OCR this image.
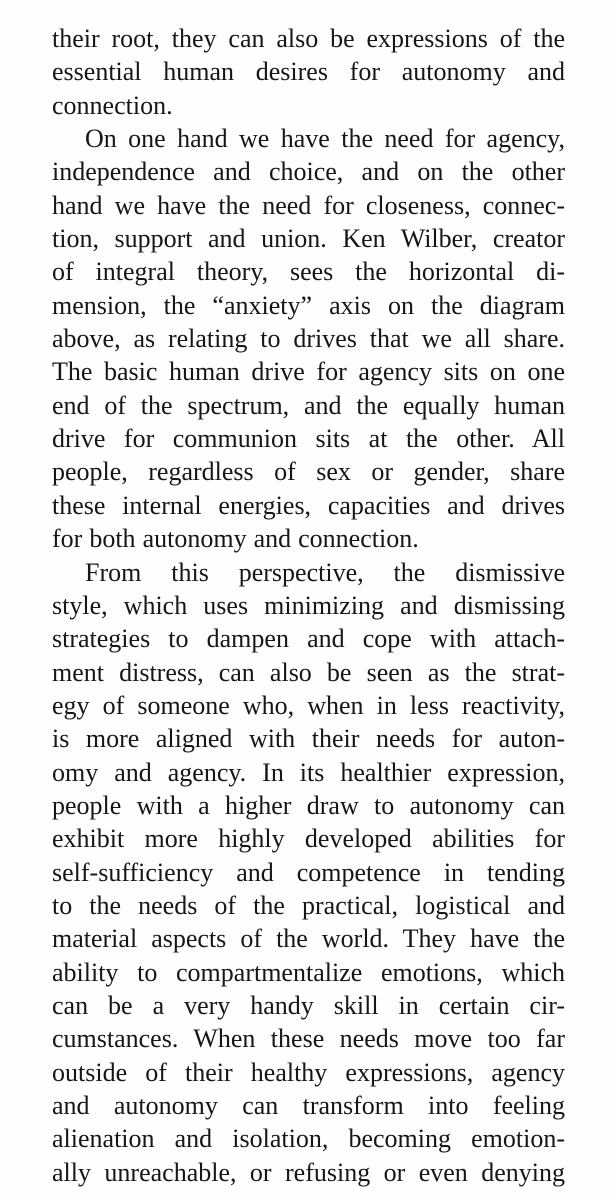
their root, they can also be expressions of the
essential human desires for autonomy and
connection.
On one hand we have the need for agency,
independence and choice, and on the other
hand we have the need for closeness, connec-
tion, support and union. Ken Wilber, creator
of integral theory, sees the horizontal di-
mension, the “anxiety” axis on the diagram
above, as relating to drives that we all share.
The basic human drive for agency sits on one
end of the spectrum, and the equally human
drive for communion sits at the other. All
people, regardless of sex or gender, share
these internal energies, capacities and drives
for both autonomy and connection.
From this perspective, the dismissive
style, which uses minimizing and dismissing
strategies to dampen and cope with attach-
ment distress, can also be seen as the strat-
egy of someone who, when in less reactivity,
is more aligned with their needs for auton-
omy and agency. In its healthier expression,
people with a higher draw to autonomy can
exhibit more highly developed abilities for
self-sufficiency and competence in tending
to the needs of the practical, logistical and
material aspects of the world. They have the
ability to compartmentalize emotions, which
can be a very handy skill in certain cir-
cumstances. When these needs move too far
outside of their healthy expressions, agency
and autonomy can transform into feeling
alienation and isolation, becoming emotion-
ally unreachable, or refusing or even denying
